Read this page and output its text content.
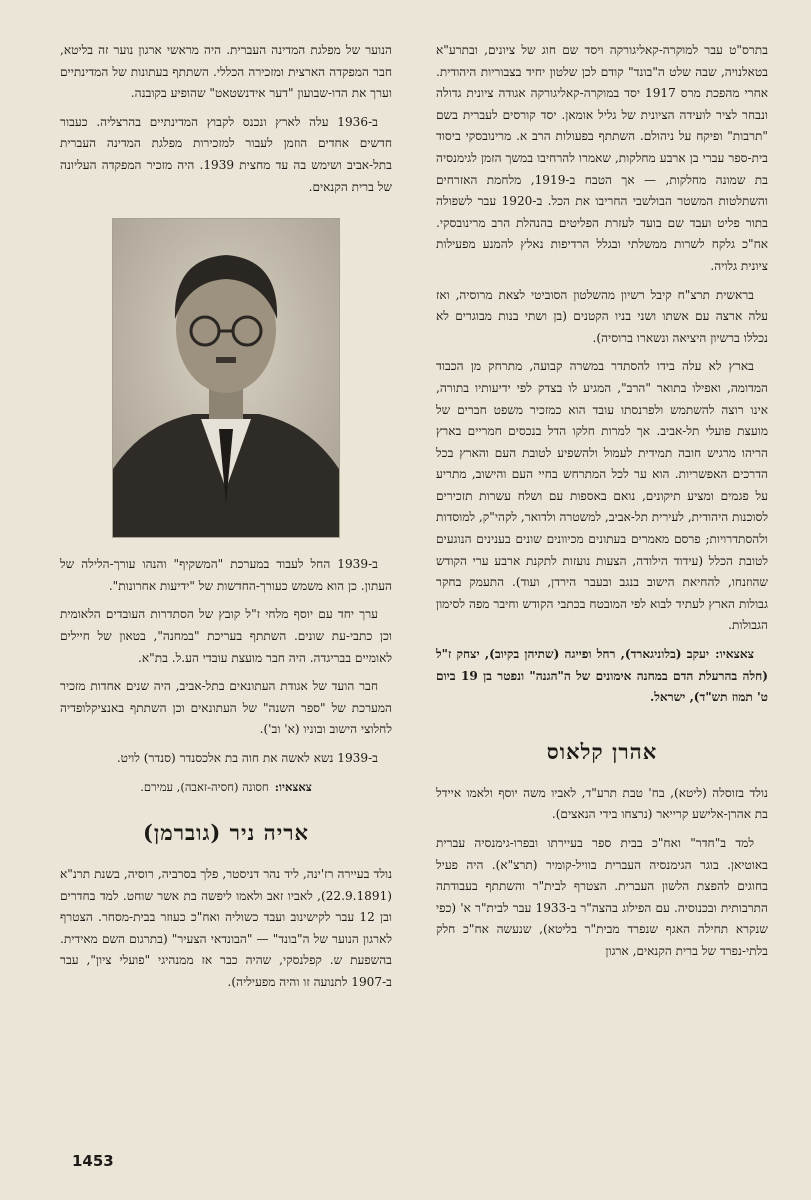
בתרס"ט עבר למוקרה-קאליגורקה ויסד שם חוג של ציונים, ובתרע"א בטאלנויה, שבה שלט ה"בונד" קודם לכן שלטון יחיד בצבוריות היהודית. אחרי מהפכת מרס 1917 יסד במוקרה-קאליגורקה אגודה ציונית גדולה ונבחר לציר לועידה הציונית של גליל אומאן. יסד קורסים לעברית בשם "תרבות" ופיקח על ניהולם. השתתף בפעולות הרב א. מרינובסקי ביסוד בית-ספר עברי בן ארבע מחלקות, שאמרו להרחיבו במשך הזמן לגימנסיה בת שמונה מחלקות, — אך הטבח ב-1919, מלחמת האזרחים והשתלטות המשטר הבולשבי החריבו את הכל. ב-1920 עבר לשפולה בתור פליט ועבד שם בועד לעזרת הפליטים בהנהלת הרב מרינובסקי. אח"כ גלקח לשרות ממשלתי ובגלל הרדיפות נאלץ להמנע מפעילות ציונית גלויה.

בראשית תרצ"ח קיבל רשיון מהשלטון הסוביטי לצאת מרוסיה, ואז עלה ארצה עם אשתו ושני בניו הקטנים (בן ושתי בנות מבוגרים לא נכללו ברשיון היציאה ונשארו ברוסיה).

בארץ לא עלה בידו להסתדר במשרה קבועה, מתרחק מן הכבוד המדומה, ואפילו בתואר "הרב", המגיע לו בצדק לפי ידיעותיו בתורה, אינו רוצה להשתמש ולפרנסתו עובד הוא כמזכיר משפט חברים של מועצת פועלי תל-אביב. אך למרות חלקו הדל בנכסים חמריים בארץ הריהו מרגיש חובה תמידית לעמול ולהשפיע לטובת העם והארץ בכל הדרכים האפשריות. הוא ער לכל המתרחש בחיי העם והישוב, מתריע על פגמים ומציע תיקונים, נואם באספות עם ושלח עשרות תזכירים לסוכנות היהודית, לעירית תל-אביב, למשטרה ולדואר, לקהי"ק, למוסדות ולהסתדרויות; פרסם מאמרים בעתונים מכיוונים שונים בענינים הנוגעים לטובת הכלל (עידוד הילודה, הצעות נועזות לתקנת ארבע ערי הקודש שהוזנחו, להחיאת הישוב בנגב ובעבר הירדן, ועוד). התעמק בחקר גבולות הארץ לעתיד לבוא לפי המובטח בכתבי הקודש וחיבר מפה לסימון הגבולות.

צאצאיו:יעקב (בלוניגארד), רחל ופייגה (שתיהן בקיוב), יצחק ז"ל (חלה בהרעלת הדם במחנה אימונים של ה"הגנה" ונפטר בן 19 ביום ט' תמוז תש"ד), ישראל.

אהרן קלאוס

נולד בזוסלה (ליטא), בח' טבת תרע"ד, לאביו משה יוסף ולאמו איידל בת אהרן-אלישע קרייאר (נרצחו בידי הנאצים).

למד ב"חדר" ואח"כ בבית ספר בעיירתו ובפרו-גימנסיה עברית באוטיאן. בוגר הגימנסיה העברית בוויל-קומיר (תרצ"א). היה פעיל בחוגים להפצת הלשון העברית. הצטרף לבית"ר והשתתף בעבודתה התרבותית ובכנוסיה. עם הפילוג בהצה"ר ב-1933 עבר לבית"ר א' (כפי שנקרא תחילה האגף שנפרד מבית"ר בליטא), שנעשה אח"כ חלק בלתי-נפרד של ברית הקנאים, ארגון

הנוער של מפלגת המדינה העברית. היה מראשי ארגון נוער זה בליטא, חבר המפקדה הארצית ומזכירה הכללי. השתתף בעתונות של המדינתיים וערך את הדו-שבועון "דער אידנשטאט" שהופיע בקובנה.

ב-1936 עלה לארץ ונכנס לקבוץ המדינתיים בהרצליה. כעבור חדשים אחדים הוזמן לעבור למזכירות מפלגת המדינה העברית בתל-אביב ושימש בה עד מחצית 1939. היה מזכיר המפקדה העליונה של ברית הקנאים.

ב-1939 החל לעבוד במערכת "המשקיף" והנהו עורך-הלילה של העתון. כן הוא משמש כעורך-החדשות של "ידיעות אחרונות".

ערך יחד עם יוסף מלחי ז"ל קובץ של הסתדרות העובדים הלאומית וכן כתבי-עת שונים. השתתף בעריכת "במחנה", בטאון של חיילים לאומיים בבריגדה. היה חבר מועצת עובדי הע.ל. בת"א.

חבר הועד של אגודת העתונאים בתל-אביב, היה שנים אחדות מזכיר המערכת של "ספר השנה" של העתונאים וכן השתתף באנציקלופדיה לחלוצי הישוב ובוניו (א' וב').

ב-1939 נשא לאשה את חוה בת אלכסנדר (סנדר) לויט.

צאצאיו:חסונה (חסיה-זאבה), עמירם.

אריה ניר (גוברמן)

נולד בעיירה רז'ינה, ליד נהר דניסטר, פלך בסרביה, רוסיה, בשנת תרנ"א (22.9.1891), לאביו זאב ולאמו ליפשה בת אשר שוחט. למד בחדרים ובן 12 עבר לקישינוב ועבד כשוליה ואח"כ כעוזר בבית-מסחר. הצטרף לארגון הנוער של ה"בונד" — "הבונדאי הצעיר" (בתרגום השם מאידית. בהשפעת ש. קפלנסקי, שהיה כבר אז ממנהיגי "פועלי ציון", עבר ב-1907 לתנועה זו והיה מפעיליה).

1453
